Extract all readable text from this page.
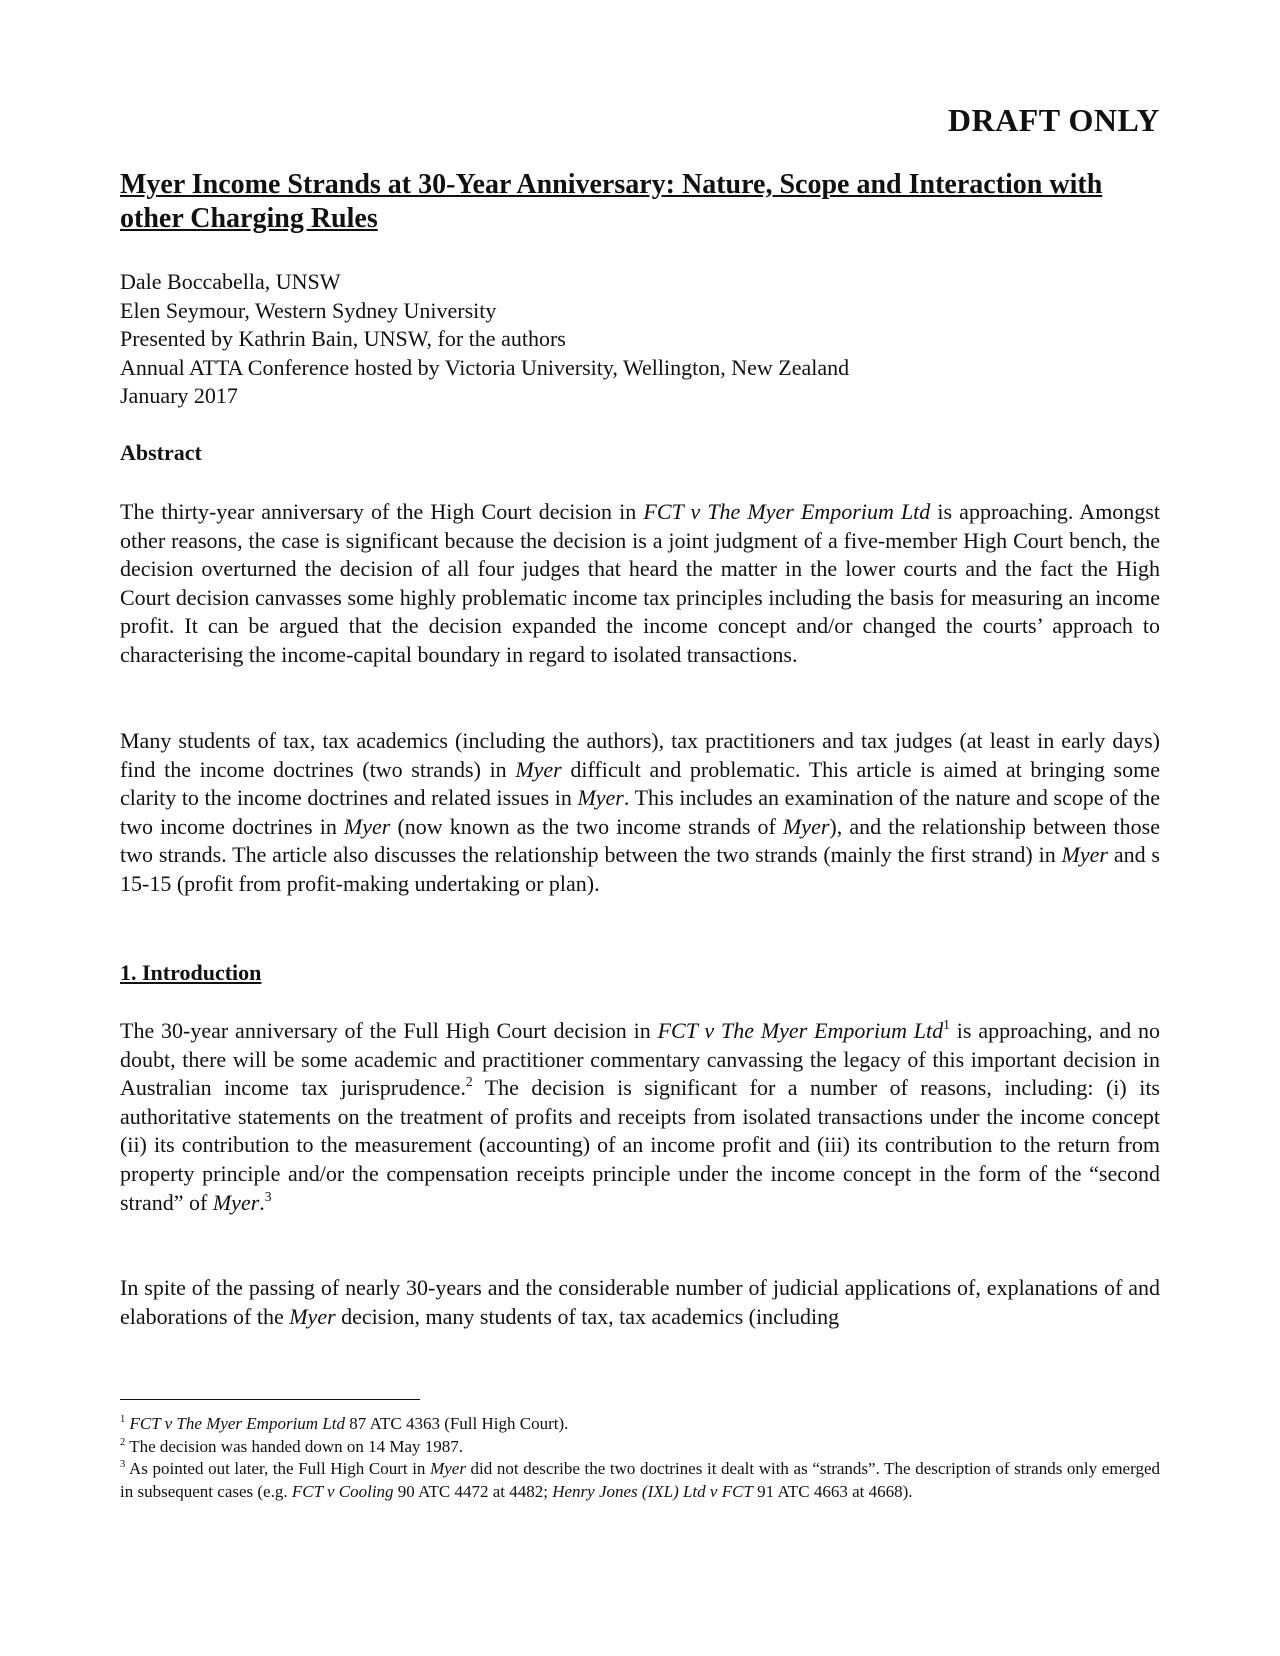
DRAFT ONLY
Myer Income Strands at 30-Year Anniversary: Nature, Scope and Interaction with other Charging Rules
Dale Boccabella, UNSW
Elen Seymour, Western Sydney University
Presented by Kathrin Bain, UNSW, for the authors
Annual ATTA Conference hosted by Victoria University, Wellington, New Zealand
January 2017
Abstract

The thirty-year anniversary of the High Court decision in FCT v The Myer Emporium Ltd is approaching. Amongst other reasons, the case is significant because the decision is a joint judgment of a five-member High Court bench, the decision overturned the decision of all four judges that heard the matter in the lower courts and the fact the High Court decision canvasses some highly problematic income tax principles including the basis for measuring an income profit. It can be argued that the decision expanded the income concept and/or changed the courts’ approach to characterising the income-capital boundary in regard to isolated transactions.

Many students of tax, tax academics (including the authors), tax practitioners and tax judges (at least in early days) find the income doctrines (two strands) in Myer difficult and problematic. This article is aimed at bringing some clarity to the income doctrines and related issues in Myer. This includes an examination of the nature and scope of the two income doctrines in Myer (now known as the two income strands of Myer), and the relationship between those two strands. The article also discusses the relationship between the two strands (mainly the first strand) in Myer and s 15-15 (profit from profit-making undertaking or plan).

1. Introduction

The 30-year anniversary of the Full High Court decision in FCT v The Myer Emporium Ltd$^1$ is approaching, and no doubt, there will be some academic and practitioner commentary canvassing the legacy of this important decision in Australian income tax jurisprudence.$^2$ The decision is significant for a number of reasons, including: (i) its authoritative statements on the treatment of profits and receipts from isolated transactions under the income concept (ii) its contribution to the measurement (accounting) of an income profit and (iii) its contribution to the return from property principle and/or the compensation receipts principle under the income concept in the form of the “second strand” of Myer.$^3$

In spite of the passing of nearly 30-years and the considerable number of judicial applications of, explanations of and elaborations of the Myer decision, many students of tax, tax academics (including

$^1$ FCT v The Myer Emporium Ltd 87 ATC 4363 (Full High Court).

$^2$ The decision was handed down on 14 May 1987.

$^3$ As pointed out later, the Full High Court in Myer did not describe the two doctrines it dealt with as “strands”. The description of strands only emerged in subsequent cases (e.g. FCT v Cooling 90 ATC 4472 at 4482; Henry Jones (IXL) Ltd v FCT 91 ATC 4663 at 4668).
